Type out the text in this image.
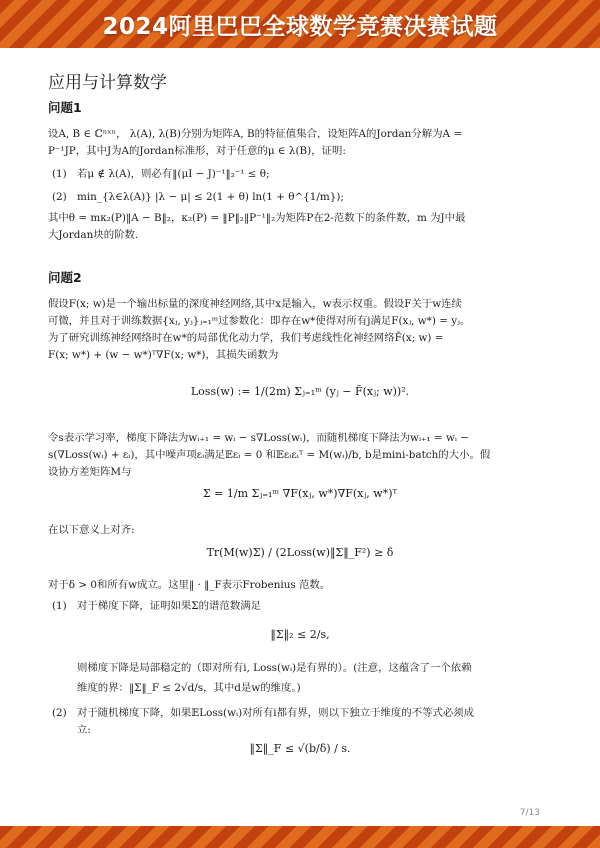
2024阿里巴巴全球数学竞赛决赛试题
应用与计算数学
问题1
设A, B ∈ ℂⁿˣⁿ， λ(A), λ(B)分别为矩阵A, B的特征值集合，设矩阵A的Jordan分解为A =
P⁻¹JP，其中J为A的Jordan标准形，对于任意的μ ∈ λ(B)，证明:
(1) 若μ ∉ λ(A)，则必有‖(μI − J)⁻¹‖₂⁻¹ ≤ θ;
(2) min_{λ∈λ(A)} |λ − μ| ≤ 2(1 + θ) ln(1 + θ^{1/m});
其中θ = mκ₂(P)‖A − B‖₂，κ₂(P) = ‖P‖₂‖P⁻¹‖₂为矩阵P在2-范数下的条件数，m 为J中最
大Jordan块的阶数.
问题2
假设F(x; w)是一个输出标量的深度神经网络,其中x是输入，w表示权重。假设F关于w连续
可微，并且对于训练数据{xⱼ, yⱼ}ⱼ₌₁ᵐ过参数化：即存在w*使得对所有j满足F(xⱼ, w*) = yⱼ。
为了研究训练神经网络时在w*的局部优化动力学，我们考虑线性化神经网络F̃(x; w) =
F(x; w*) + (w − w*)ᵀ∇F(x; w*)，其损失函数为
Loss(w) := 1/(2m) Σⱼ₌₁ᵐ (yⱼ − F̃(xⱼ; w))².
令s表示学习率，梯度下降法为wᵢ₊₁ = wᵢ − s∇Loss(wᵢ)，而随机梯度下降法为wᵢ₊₁ = wᵢ −
s(∇Loss(wᵢ) + εᵢ)，其中噪声项εᵢ满足𝔼εᵢ = 0 和𝔼εᵢεᵢᵀ = M(wᵢ)/b, b是mini-batch的大小。假
设协方差矩阵M与
Σ = 1/m Σⱼ₌₁ᵐ ∇F(xⱼ, w*)∇F(xⱼ, w*)ᵀ
在以下意义上对齐:
Tr(M(w)Σ) / (2Loss(w)‖Σ‖_F²) ≥ δ
对于δ > 0和所有w成立。这里‖ · ‖_F表示Frobenius 范数。
(1) 对于梯度下降，证明如果Σ的谱范数满足
‖Σ‖₂ ≤ 2/s,
则梯度下降是局部稳定的（即对所有i, Loss(wᵢ)是有界的）。(注意，这蕴含了一个依赖
维度的界：‖Σ‖_F ≤ 2√d/s，其中d是w的维度。)
(2) 对于随机梯度下降，如果𝔼Loss(wᵢ)对所有i都有界，则以下独立于维度的不等式必须成
立:
‖Σ‖_F ≤ √(b/δ) / s.
7/13
